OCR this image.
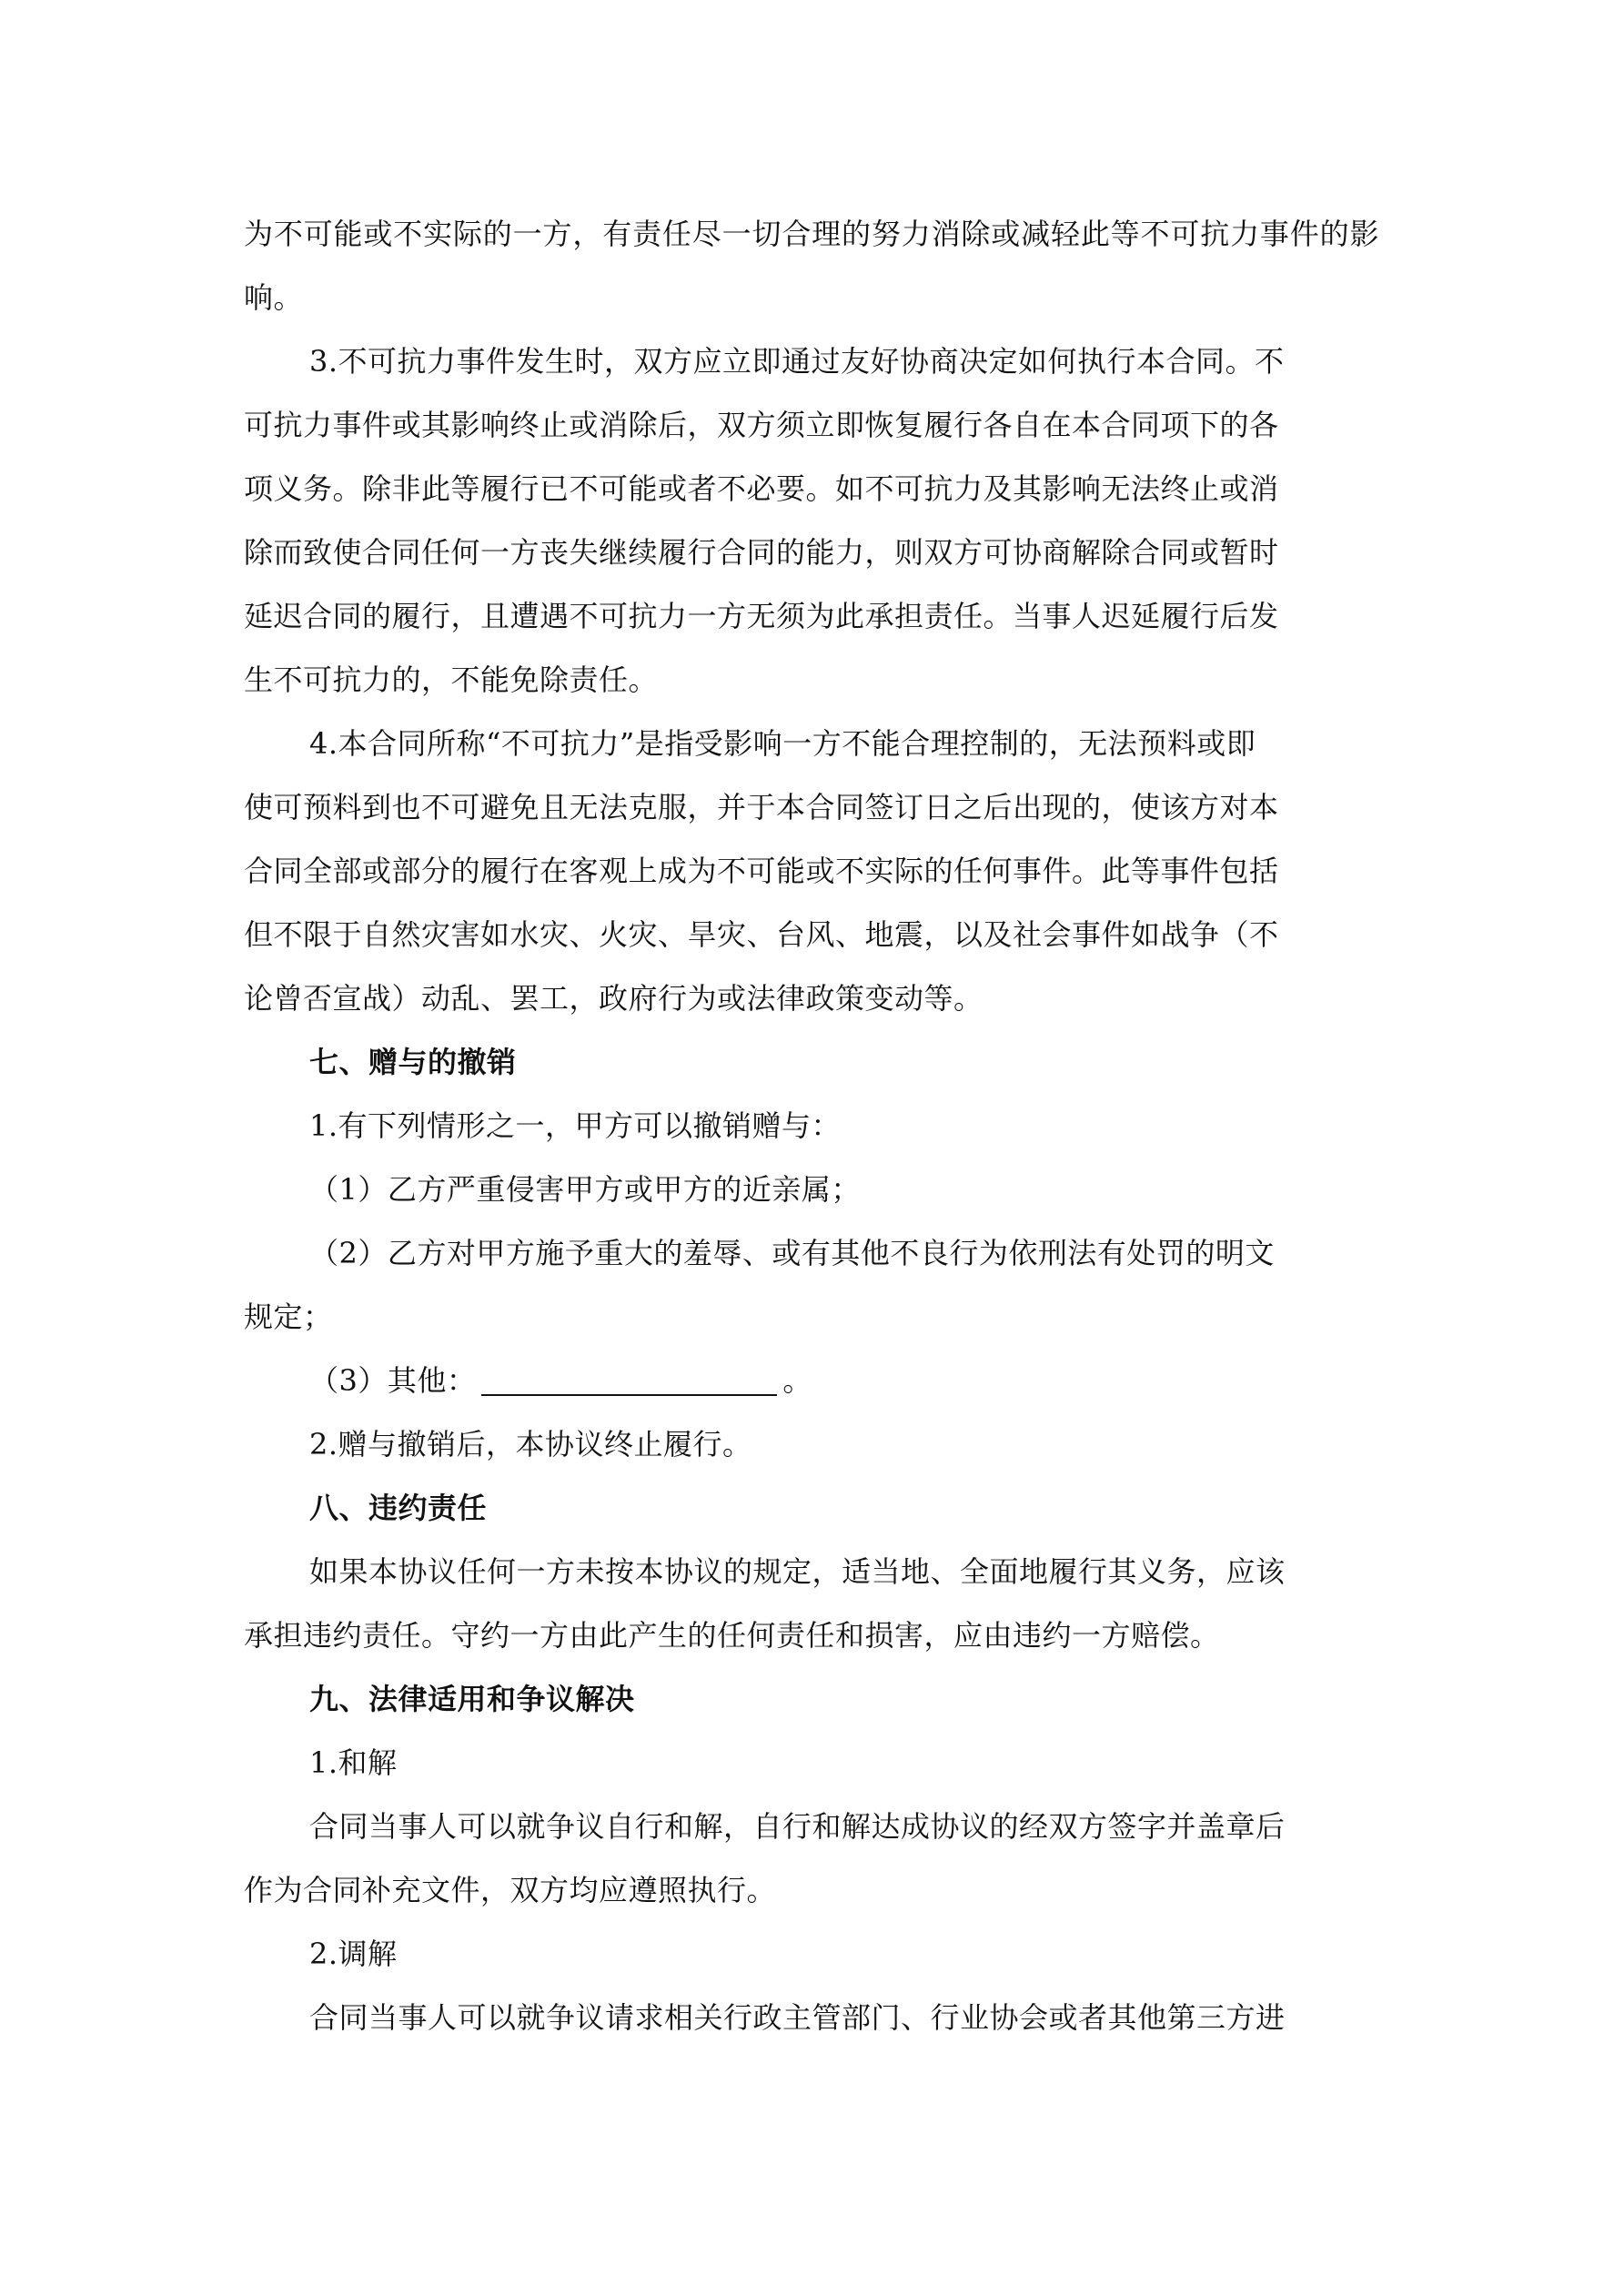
为不可能或不实际的一方，有责任尽一切合理的努力消除或减轻此等不可抗力事件的影响。

3.不可抗力事件发生时，双方应立即通过友好协商决定如何执行本合同。不
可抗力事件或其影响终止或消除后，双方须立即恢复履行各自在本合同项下的各
项义务。除非此等履行已不可能或者不必要。如不可抗力及其影响无法终止或消
除而致使合同任何一方丧失继续履行合同的能力，则双方可协商解除合同或暂时
延迟合同的履行，且遭遇不可抗力一方无须为此承担责任。当事人迟延履行后发
生不可抗力的，不能免除责任。

4.本合同所称“不可抗力”是指受影响一方不能合理控制的，无法预料或即
使可预料到也不可避免且无法克服，并于本合同签订日之后出现的，使该方对本
合同全部或部分的履行在客观上成为不可能或不实际的任何事件。此等事件包括
但不限于自然灾害如水灾、火灾、旱灾、台风、地震，以及社会事件如战争（不
论曾否宣战）动乱、罢工，政府行为或法律政策变动等。

七、赠与的撤销

1.有下列情形之一，甲方可以撤销赠与：

（1）乙方严重侵害甲方或甲方的近亲属；

（2）乙方对甲方施予重大的羞辱、或有其他不良行为依刑法有处罚的明文
规定；

（3）其他：	。

2.赠与撤销后，本协议终止履行。

八、违约责任

如果本协议任何一方未按本协议的规定，适当地、全面地履行其义务，应该
承担违约责任。守约一方由此产生的任何责任和损害，应由违约一方赔偿。

九、法律适用和争议解决

1.和解

合同当事人可以就争议自行和解，自行和解达成协议的经双方签字并盖章后
作为合同补充文件，双方均应遵照执行。

2.调解

合同当事人可以就争议请求相关行政主管部门、行业协会或者其他第三方进
